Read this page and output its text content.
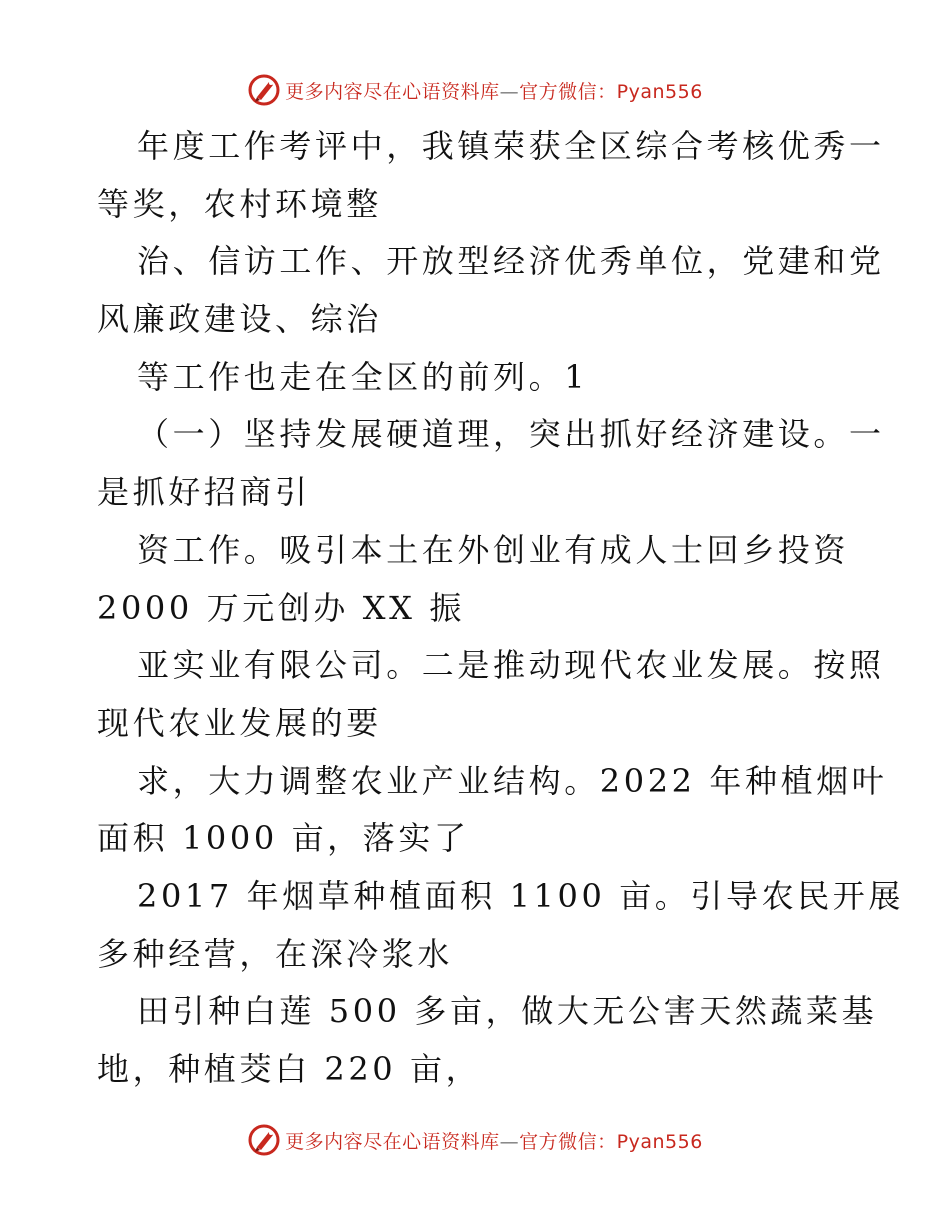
更多内容尽在心语资料库—官方微信：Pyan556
年度工作考评中，我镇荣获全区综合考核优秀一
等奖，农村环境整
治、信访工作、开放型经济优秀单位，党建和党
风廉政建设、综治
等工作也走在全区的前列。1
（一）坚持发展硬道理，突出抓好经济建设。一
是抓好招商引
资工作。吸引本土在外创业有成人士回乡投资
2000 万元创办 XX 振
亚实业有限公司。二是推动现代农业发展。按照
现代农业发展的要
求，大力调整农业产业结构。2022 年种植烟叶
面积 1000 亩，落实了
2017 年烟草种植面积 1100 亩。引导农民开展
多种经营，在深冷浆水
田引种白莲 500 多亩，做大无公害天然蔬菜基
地，种植茭白 220 亩，
更多内容尽在心语资料库—官方微信：Pyan556
